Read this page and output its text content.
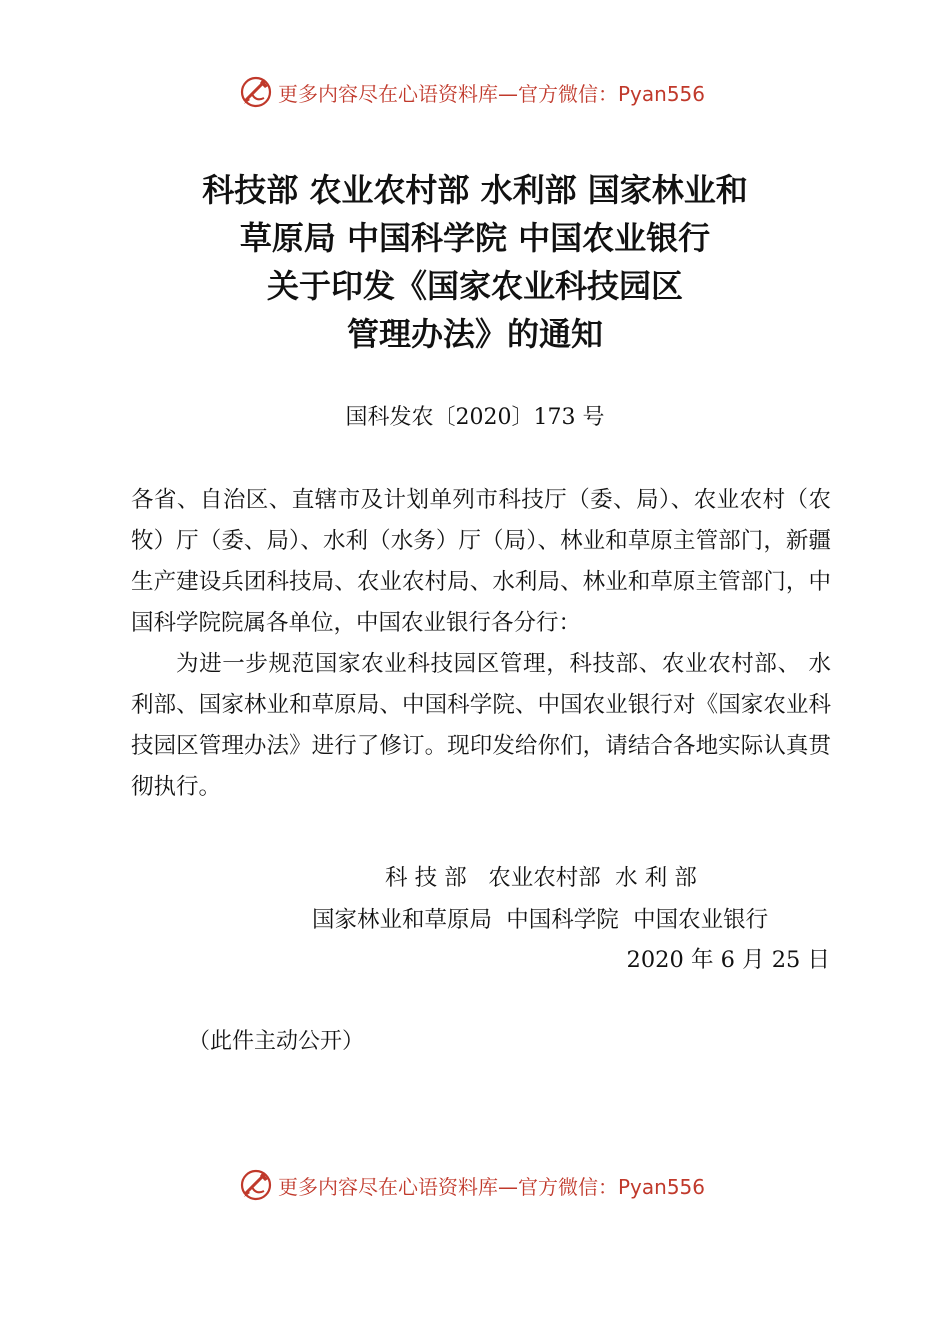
更多内容尽在心语资料库—官方微信：Pyan556
科技部 农业农村部 水利部 国家林业和
草原局 中国科学院 中国农业银行
关于印发《国家农业科技园区
管理办法》的通知
国科发农〔2020〕173 号
各省、自治区、直辖市及计划单列市科技厅（委、局）、农业农村（农牧）厅（委、局）、水利（水务）厅（局）、林业和草原主管部门，新疆生产建设兵团科技局、农业农村局、水利局、林业和草原主管部门，中国科学院院属各单位，中国农业银行各分行：
为进一步规范国家农业科技园区管理，科技部、农业农村部、 水利部、国家林业和草原局、中国科学院、中国农业银行对《国家农业科技园区管理办法》进行了修订。现印发给你们，请结合各地实际认真贯彻执行。
科 技 部   农业农村部  水 利 部
国家林业和草原局  中国科学院  中国农业银行
2020 年 6 月 25 日
（此件主动公开）
更多内容尽在心语资料库—官方微信：Pyan556
